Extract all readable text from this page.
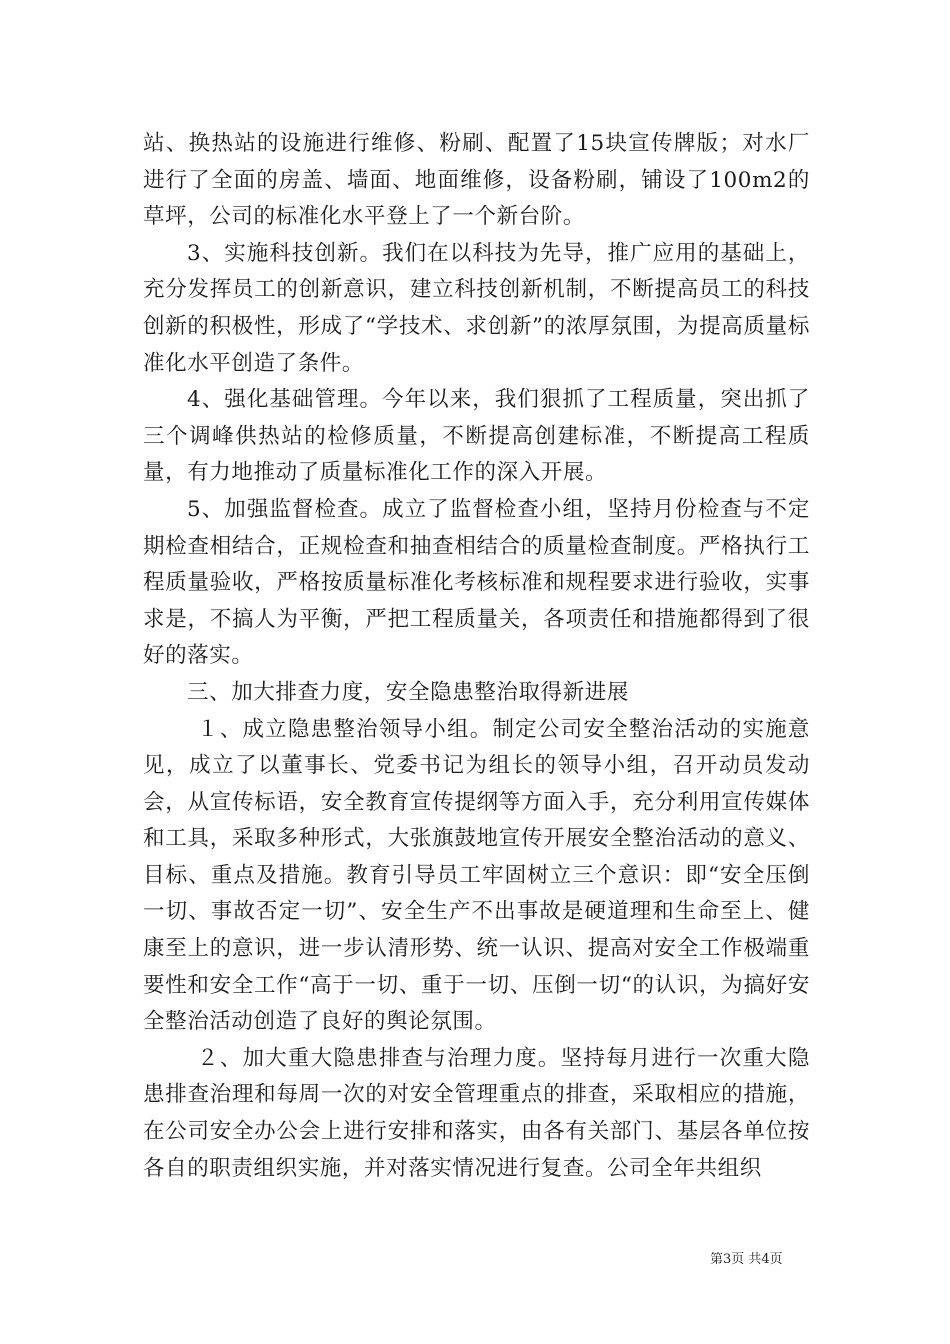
站、换热站的设施进行维修、粉刷、配置了15块宣传牌版；对水厂进行了全面的房盖、墙面、地面维修，设备粉刷，铺设了100m2的草坪，公司的标准化水平登上了一个新台阶。

3、实施科技创新。我们在以科技为先导，推广应用的基础上，充分发挥员工的创新意识，建立科技创新机制，不断提高员工的科技创新的积极性，形成了“学技术、求创新”的浓厚氛围，为提高质量标准化水平创造了条件。

4、强化基础管理。今年以来，我们狠抓了工程质量，突出抓了三个调峰供热站的检修质量，不断提高创建标准，不断提高工程质量，有力地推动了质量标准化工作的深入开展。

5、加强监督检查。成立了监督检查小组，坚持月份检查与不定期检查相结合，正规检查和抽查相结合的质量检查制度。严格执行工程质量验收，严格按质量标准化考核标准和规程要求进行验收，实事求是，不搞人为平衡，严把工程质量关，各项责任和措施都得到了很好的落实。

三、加大排查力度，安全隐患整治取得新进展

１、成立隐患整治领导小组。制定公司安全整治活动的实施意见，成立了以董事长、党委书记为组长的领导小组，召开动员发动会，从宣传标语，安全教育宣传提纲等方面入手，充分利用宣传媒体和工具，采取多种形式，大张旗鼓地宣传开展安全整治活动的意义、目标、重点及措施。教育引导员工牢固树立三个意识：即“安全压倒一切、事故否定一切”、安全生产不出事故是硬道理和生命至上、健康至上的意识，进一步认清形势、统一认识、提高对安全工作极端重要性和安全工作“高于一切、重于一切、压倒一切“的认识，为搞好安全整治活动创造了良好的舆论氛围。

２、加大重大隐患排查与治理力度。坚持每月进行一次重大隐患排查治理和每周一次的对安全管理重点的排查，采取相应的措施，在公司安全办公会上进行安排和落实，由各有关部门、基层各单位按各自的职责组织实施，并对落实情况进行复查。公司全年共组织

第3页 共4页
